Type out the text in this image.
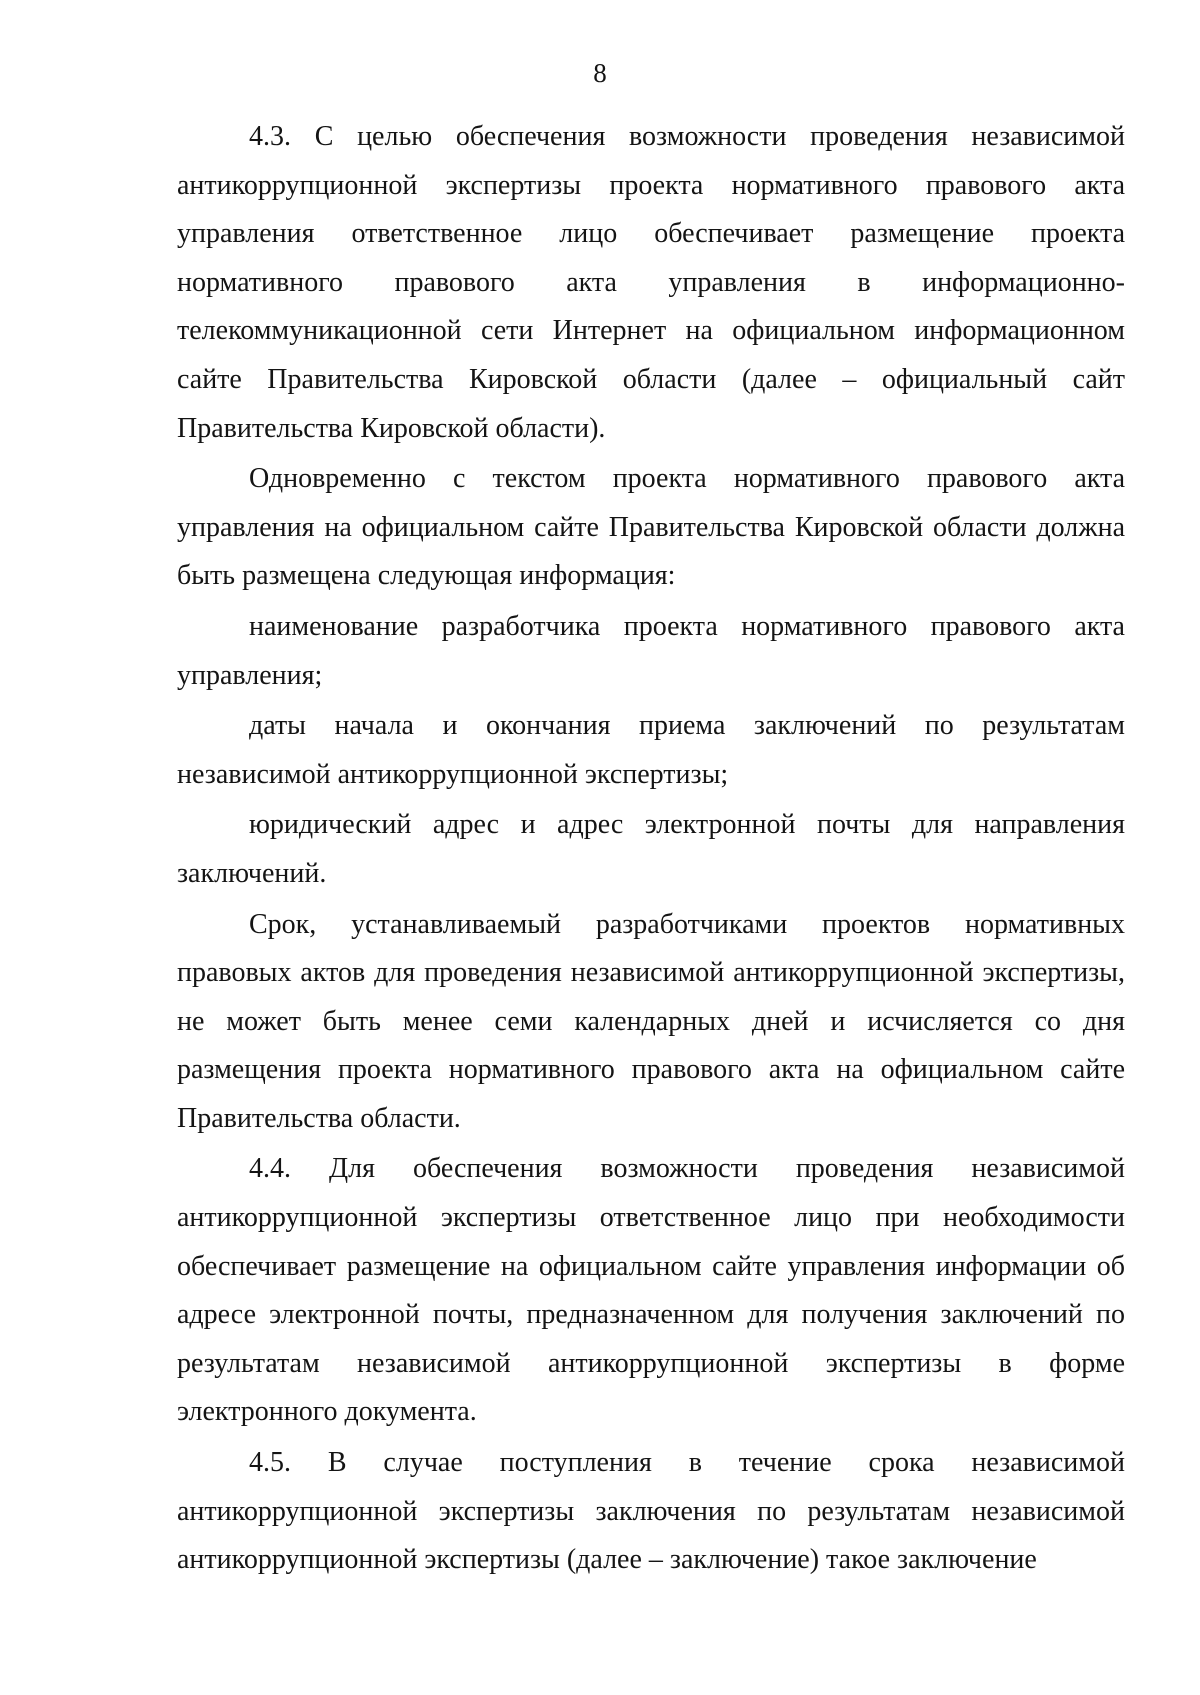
8

4.3. С целью обеспечения возможности проведения независимой антикоррупционной экспертизы проекта нормативного правового акта управления ответственное лицо обеспечивает размещение проекта нормативного правового акта управления в информационно-телекоммуникационной сети Интернет на официальном информационном сайте Правительства Кировской области (далее – официальный сайт Правительства Кировской области).

Одновременно с текстом проекта нормативного правового акта управления на официальном сайте Правительства Кировской области должна быть размещена следующая информация:

наименование разработчика проекта нормативного правового акта управления;

даты начала и окончания приема заключений по результатам независимой антикоррупционной экспертизы;

юридический адрес и адрес электронной почты для направления заключений.

Срок, устанавливаемый разработчиками проектов нормативных правовых актов для проведения независимой антикоррупционной экспертизы, не может быть менее семи календарных дней и исчисляется со дня размещения проекта нормативного правового акта на официальном сайте Правительства области.

4.4. Для обеспечения возможности проведения независимой антикоррупционной экспертизы ответственное лицо при необходимости обеспечивает размещение на официальном сайте управления информации об адресе электронной почты, предназначенном для получения заключений по результатам независимой антикоррупционной экспертизы в форме электронного документа.

4.5. В случае поступления в течение срока независимой антикоррупционной экспертизы заключения по результатам независимой антикоррупционной экспертизы (далее – заключение) такое заключение
